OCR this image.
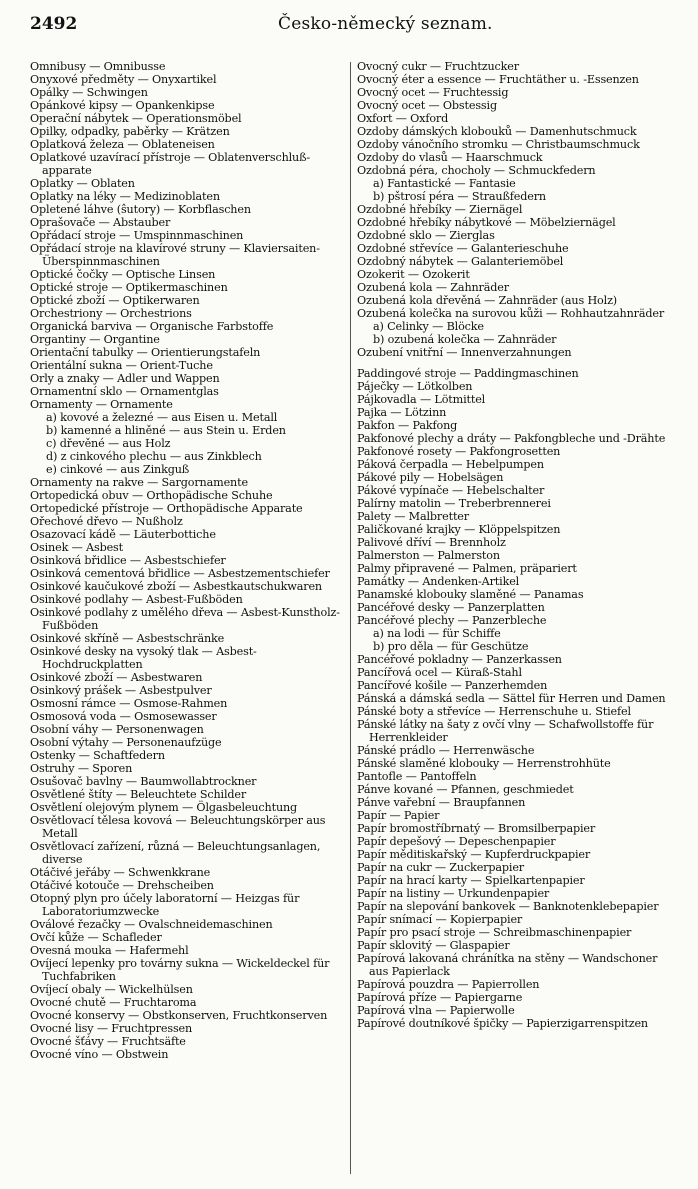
2492	Česko-německý seznam.
Omnibusy — Omnibusse
Onyxové předměty — Onyxartikel
Opálky — Schwingen
Opánkové kipsy — Opankenkipse
Operační nábytek — Operationsmöbel
Opilky, odpadky, paběrky — Krätzen
Oplatková železa — Oblateneisen
Oplatkové uzavírací přístroje — Oblatenverschluß-apparate
Oplatky — Oblaten
Oplatky na léky — Medizinoblaten
Opletené láhve (ŝutory) — Korbflaschen
Oprašovače — Abstauber
Opřádací stroje — Umspinnmaschinen
Opřádací stroje na klavírové struny — Klaviersaiten-Überspinnmaschinen
Optické čočky — Optische Linsen
Optické stroje — Optikermaschinen
Optické zboží — Optikerwaren
Orchestriony — Orchestrions
Organická barviva — Organische Farbstoffe
Organtiny — Organtine
Orientační tabulky — Orientierungstafeln
Orientální sukna — Orient-Tuche
Orly a znaky — Adler und Wappen
Ornamentní sklo — Ornamentglas
Ornamenty — Ornamente
a) kovové a železné — aus Eisen u. Metall
b) kamenné a hliněné — aus Stein u. Erden
c) dřevěné — aus Holz
d) z cinkového plechu — aus Zinkblech
e) cinkové — aus Zinkguß
Ornamenty na rakve — Sargornamente
Ortopedická obuv — Orthopädische Schuhe
Ortopedické přístroje — Orthopädische Apparate
Ořechové dřevo — Nußholz
Osazovací kádě — Läuterbottiche
Osinek — Asbest
Osinková břidlice — Asbestschiefer
Osinková cementová břidlice — Asbestzementschiefer
Osinkové kaučukové zboží — Asbestkautschukwaren
Osinkové podlahy — Asbest-Fußböden
Osinkové podlahy z umělého dřeva — Asbest-Kunstholz-Fußböden
Osinkové skříně — Asbestschränke
Osinkové desky na vysoký tlak — Asbest-Hochdruckplatten
Osinkové zboží — Asbestwaren
Osinkový prášek — Asbestpulver
Osmosní rámce — Osmose-Rahmen
Osmosová voda — Osmosewasser
Osobní váhy — Personenwagen
Osobní výtahy — Personenaufzüge
Ostenky — Schaftfedern
Ostruhy — Sporen
Osušovač bavlny — Baumwollabtrockner
Osvětlené štíty — Beleuchtete Schilder
Osvětlení olejovým plynem — Ölgasbeleuchtung
Osvětlovací tělesa kovová — Beleuchtungskörper aus Metall
Osvětlovací zařízení, různá — Beleuchtungsanlagen, diverse
Otáčivé jeřáby — Schwenkkrane
Otáčivé kotouče — Drehscheiben
Otopný plyn pro účely laboratorní — Heizgas für Laboratoriumzwecke
Oválové řezačky — Ovalschneidemaschinen
Ovčí kůže — Schafleder
Ovesná mouka — Hafermehl
Ovíjecí lepenky pro továrny sukna — Wickeldeckel für Tuchfabriken
Ovíjecí obaly — Wickelhülsen
Ovocné chutě — Fruchtaroma
Ovocné konservy — Obstkonserven, Fruchtkonserven
Ovocné lisy — Fruchtpressen
Ovocné šťávy — Fruchtsäfte
Ovocné víno — Obstwein
Ovocný cukr — Fruchtzucker
Ovocný éter a essence — Fruchtäther u. -Essenzen
Ovocný ocet — Fruchtessig
Ovocný ocet — Obstessig
Oxfort — Oxford
Ozdoby dámských klobouků — Damenhutschmuck
Ozdoby vánočního stromku — Christbaumschmuck
Ozdoby do vlasů — Haarschmuck
Ozdobná péra, chocholy — Schmuckfedern
a) Fantastické — Fantasie
b) pštrosí péra — Straußfedern
Ozdobné hřebíky — Ziernägel
Ozdobné hřebíky nábytkové — Möbelziernägel
Ozdobné sklo — Zierglas
Ozdobné střevíce — Galanterieschuhe
Ozdobný nábytek — Galanteriemöbel
Ozokerit — Ozokerit
Ozubená kola — Zahnräder
Ozubená kola dřevěná — Zahnräder (aus Holz)
Ozubená kolečka na surovou kůži — Rohhautzahnräder
a) Celinky — Blöcke
b) ozubená kolečka — Zahnräder
Ozubení vnitřní — Innenverzahnungen
Paddingové stroje — Paddingmaschinen
Páječky — Lötkolben
Pájkovadla — Lötmittel
Pajka — Lötzinn
Pakfon — Pakfong
Pakfonové plechy a dráty — Pakfongbleche und -Drähte
Pakfonové rosety — Pakfongrosetten
Páková čerpadla — Hebelpumpen
Pákové pily — Hobelsägen
Pákové vypínače — Hebelschalter
Palírny matolin — Treberbrennerei
Palety — Malbretter
Paličkované krajky — Klöppelspitzen
Palivové dříví — Brennholz
Palmerston — Palmerston
Palmy připravené — Palmen, präpariert
Památky — Andenken-Artikel
Panamské klobouky slaměné — Panamas
Pancéřové desky — Panzerplatten
Pancéřové plechy — Panzerbleche
a) na lodi — für Schiffe
b) pro děla — für Geschütze
Pancéřové pokladny — Panzerkassen
Pancířová ocel — Küraß-Stahl
Pancířové košile — Panzerhemden
Pánská a dámská sedla — Sättel für Herren und Damen
Pánské boty a střevíce — Herrenschuhe u. Stiefel
Pánské látky na šaty z ovčí vlny — Schafwollstoffe für Herrenkleider
Pánské prádlo — Herrenwäsche
Pánské slaměné klobouky — Herrenstrohhüte
Pantofle — Pantoffeln
Pánve kované — Pfannen, geschmiedet
Pánve vařební — Braupfannen
Papír — Papier
Papír bromostříbrnatý — Bromsilberpapier
Papír depešový — Depeschenpapier
Papír měditiskařský — Kupferdruckpapier
Papír na cukr — Zuckerpapier
Papír na hrací karty — Spielkartenpapier
Papír na listiny — Urkundenpapier
Papír na slepování bankovek — Banknotenklebepapier
Papír snímací — Kopierpapier
Papír pro psací stroje — Schreibmaschinenpapier
Papír sklovitý — Glaspapier
Papírová lakovaná chránítka na stěny — Wandschoner aus Papierlack
Papírová pouzdra — Papierrollen
Papírová příze — Papiergarne
Papírová vlna — Papierwolle
Papírové doutníkové špičky — Papierzigarrenspitzen
